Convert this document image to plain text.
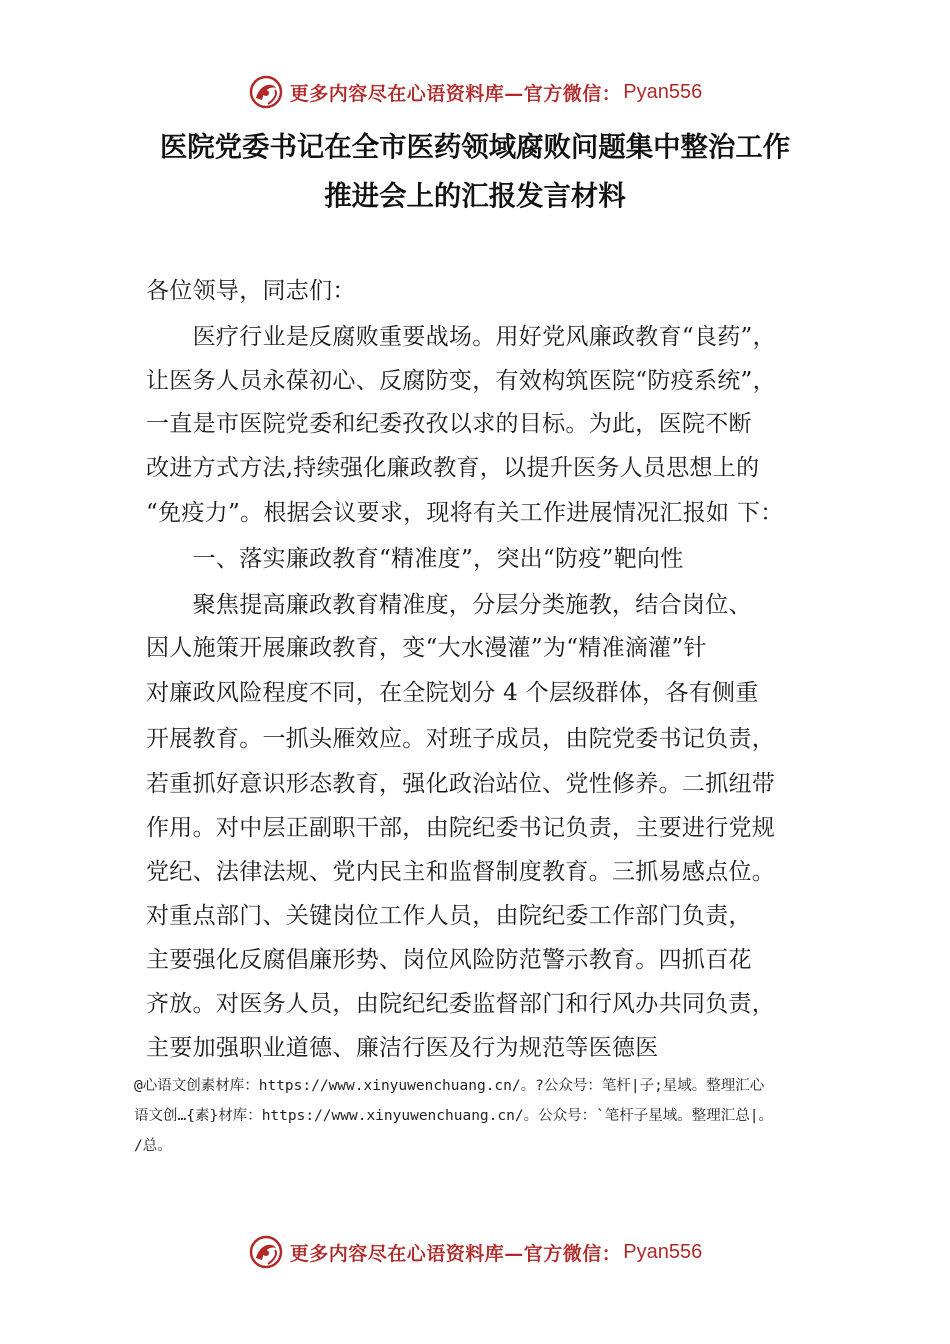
更多内容尽在心语资料库—官方微信： Pyan556
医院党委书记在全市医药领域腐败问题集中整治工作
推进会上的汇报发言材料
各位领导，同志们：
　　医疗行业是反腐败重要战场。用好党风廉政教育“良药”，
让医务人员永葆初心、反腐防变，有效构筑医院“防疫系统”，
一直是市医院党委和纪委孜孜以求的目标。为此，医院不断
改进方式方法,持续强化廉政教育，以提升医务人员思想上的
“免疫力”。根据会议要求，现将有关工作进展情况汇报如 下：
　　一、落实廉政教育“精准度”，突出“防疫”靶向性
　　聚焦提高廉政教育精准度，分层分类施教，结合岗位、
因人施策开展廉政教育，变“大水漫灌”为“精准滴灌”针
对廉政风险程度不同，在全院划分 4 个层级群体，各有侧重
开展教育。一抓头雁效应。对班子成员，由院党委书记负责，
若重抓好意识形态教育，强化政治站位、党性修养。二抓纽带
作用。对中层正副职干部，由院纪委书记负责，主要进行党规
党纪、法律法规、党内民主和监督制度教育。三抓易感点位。
对重点部门、关键岗位工作人员，由院纪委工作部门负责，
主要强化反腐倡廉形势、岗位风险防范警示教育。四抓百花
齐放。对医务人员，由院纪纪委监督部门和行风办共同负责，
主要加强职业道德、廉洁行医及行为规范等医德医
@心语文创素材库：https://www.xinyuwenchuang.cn/。?公众号：笔杆|子;星域。整理汇心
语文创…{素}材库：https://www.xinyuwenchuang.cn/。公众号：`笔杆子星域。整理汇总|。
/总。
更多内容尽在心语资料库—官方微信： Pyan556
